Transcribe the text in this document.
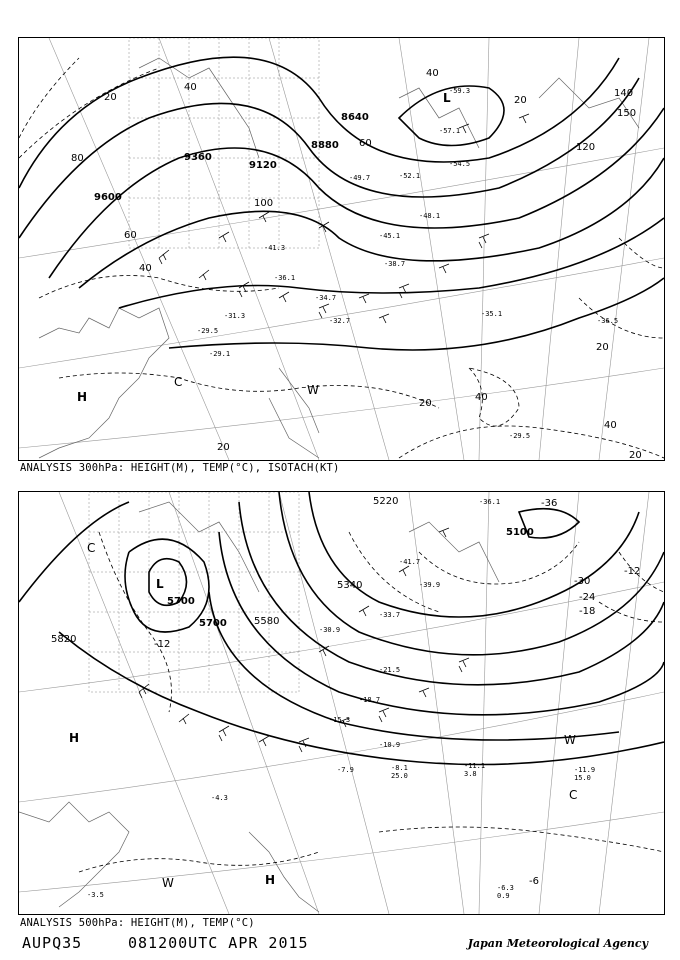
8640
8880
9120
9360
9600
20
40
60
80
100
120
140
150
20
40
20
40
40
20
20
20
40
60
L
H
C
W
-59.3
-57.1
-54.5
-52.1
-49.7
-48.1
-45.1
-41.3
-38.7
-36.1
-34.7
-32.7
-31.3
-29.5
-36.5
-35.1
-29.5
-29.1
ANALYSIS 300hPa: HEIGHT(M), TEMP(°C), ISOTACH(KT)
5100
5340
5580
5700
5700
5820
5220
-12
-18
-24
-30
-36
-6
-12
L
H
H
C
C
W
W
-36.1
-41.7
-39.9
-33.7
-30.9
-21.5
-18.7
-15.3
-11.1
-10.9
-8.1
-7.9	-11.9
-6.3
-4.3
-3.5
3.8	15.0
25.0
0.9
ANALYSIS 500hPa: HEIGHT(M), TEMP(°C)
AUPQ35	081200UTC APR 2015	Japan Meteorological Agency
